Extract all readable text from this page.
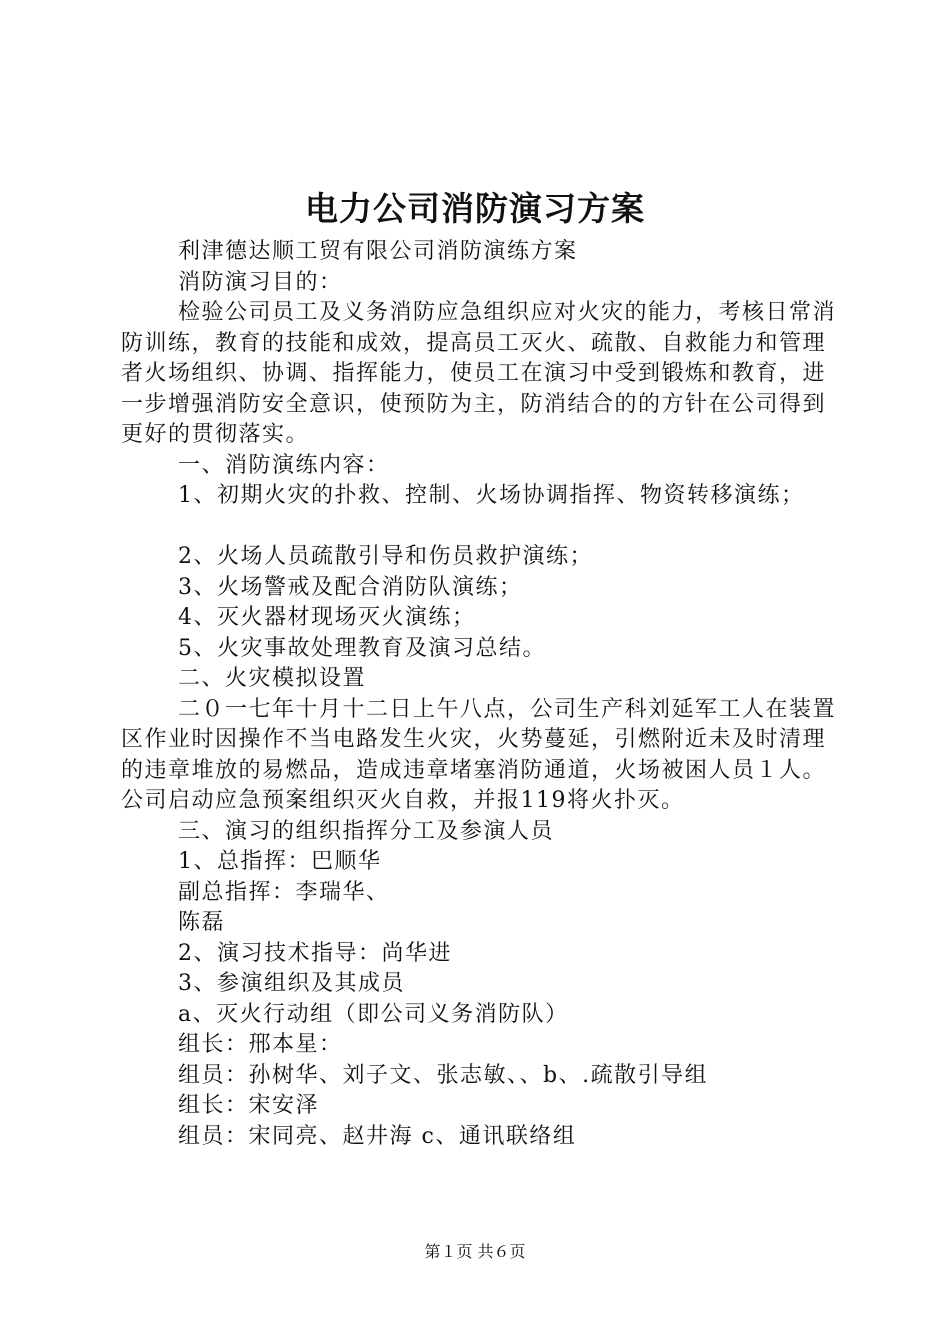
电力公司消防演习方案

利津德达顺工贸有限公司消防演练方案

消防演习目的：

检验公司员工及义务消防应急组织应对火灾的能力，考核日常消防训练，教育的技能和成效，提高员工灭火、疏散、自救能力和管理者火场组织、协调、指挥能力，使员工在演习中受到锻炼和教育，进一步增强消防安全意识，使预防为主，防消结合的的方针在公司得到更好的贯彻落实。

一、消防演练内容：

1、初期火灾的扑救、控制、火场协调指挥、物资转移演练；

2、火场人员疏散引导和伤员救护演练；

3、火场警戒及配合消防队演练；

4、灭火器材现场灭火演练；

5、火灾事故处理教育及演习总结。

二、火灾模拟设置

二０一七年十月十二日上午八点，公司生产科刘延军工人在装置区作业时因操作不当电路发生火灾，火势蔓延，引燃附近未及时清理的违章堆放的易燃品，造成违章堵塞消防通道，火场被困人员１人。公司启动应急预案组织灭火自救，并报119将火扑灭。

三、演习的组织指挥分工及参演人员

1、总指挥：巴顺华

副总指挥：李瑞华、

陈磊

2、演习技术指导：尚华进

3、参演组织及其成员

a、灭火行动组（即公司义务消防队）

组长：郉本星：

组员：孙树华、刘子文、张志敏、、b、.疏散引导组

组长：宋安泽

组员：宋同亮、赵井海 c、通讯联络组

第１页 共６页
